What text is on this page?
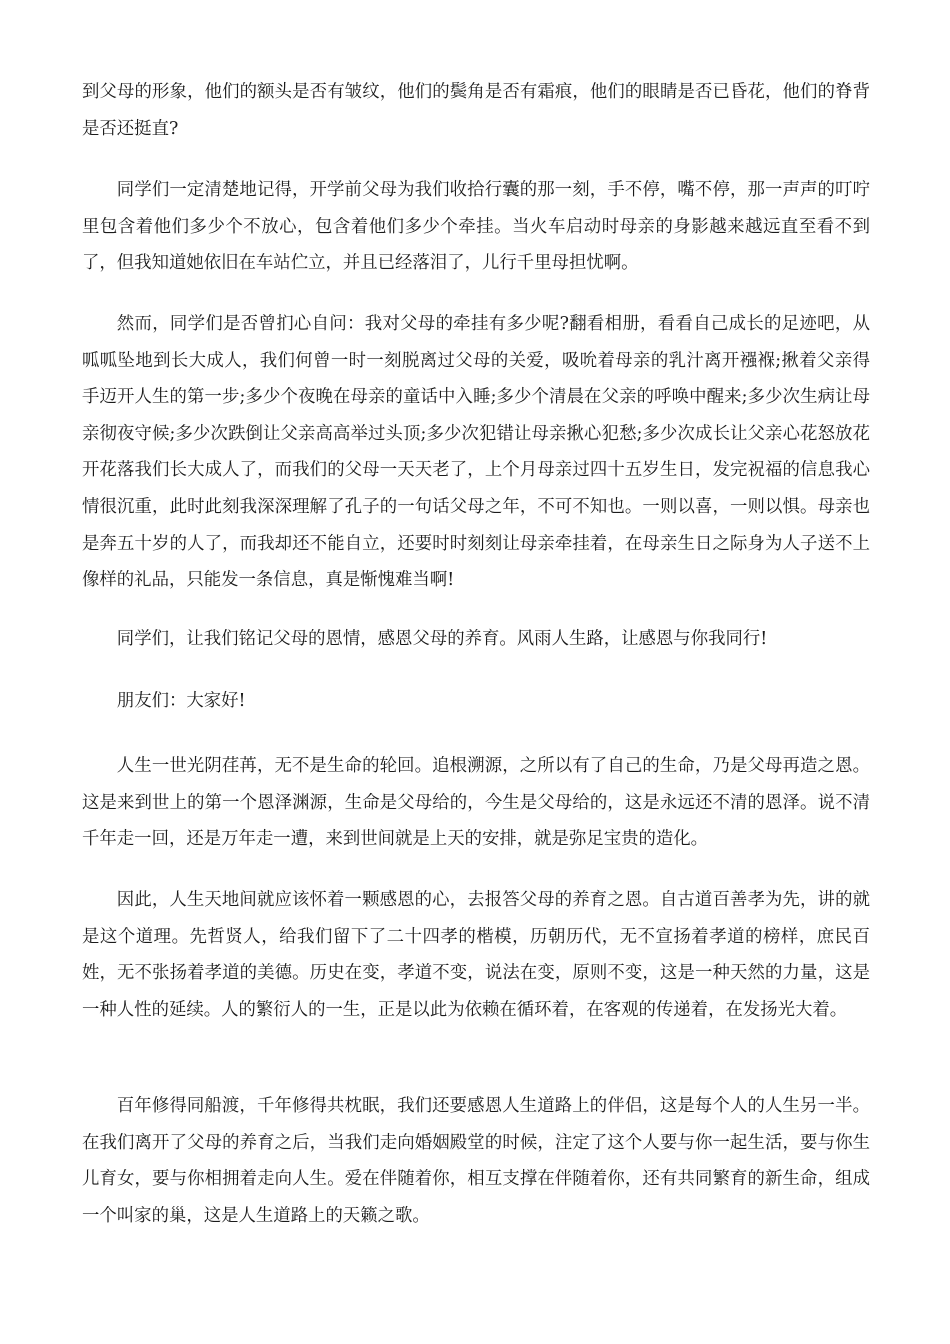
到父母的形象，他们的额头是否有皱纹，他们的鬓角是否有霜痕，他们的眼睛是否已昏花，他们的脊背是否还挺直?

同学们一定清楚地记得，开学前父母为我们收拾行囊的那一刻，手不停，嘴不停，那一声声的叮咛里包含着他们多少个不放心，包含着他们多少个牵挂。当火车启动时母亲的身影越来越远直至看不到了，但我知道她依旧在车站伫立，并且已经落泪了，儿行千里母担忧啊。

然而，同学们是否曾扪心自问：我对父母的牵挂有多少呢?翻看相册，看看自己成长的足迹吧，从呱呱坠地到长大成人，我们何曾一时一刻脱离过父母的关爱，吸吮着母亲的乳汁离开襁褓;揪着父亲得手迈开人生的第一步;多少个夜晚在母亲的童话中入睡;多少个清晨在父亲的呼唤中醒来;多少次生病让母亲彻夜守候;多少次跌倒让父亲高高举过头顶;多少次犯错让母亲揪心犯愁;多少次成长让父亲心花怒放花开花落我们长大成人了，而我们的父母一天天老了，上个月母亲过四十五岁生日，发完祝福的信息我心情很沉重，此时此刻我深深理解了孔子的一句话父母之年，不可不知也。一则以喜，一则以惧。母亲也是奔五十岁的人了，而我却还不能自立，还要时时刻刻让母亲牵挂着，在母亲生日之际身为人子送不上像样的礼品，只能发一条信息，真是惭愧难当啊!

同学们，让我们铭记父母的恩情，感恩父母的养育。风雨人生路，让感恩与你我同行!

朋友们：大家好!

人生一世光阴荏苒，无不是生命的轮回。追根溯源，之所以有了自己的生命，乃是父母再造之恩。这是来到世上的第一个恩泽渊源，生命是父母给的，今生是父母给的，这是永远还不清的恩泽。说不清千年走一回，还是万年走一遭，来到世间就是上天的安排，就是弥足宝贵的造化。

因此，人生天地间就应该怀着一颗感恩的心，去报答父母的养育之恩。自古道百善孝为先，讲的就是这个道理。先哲贤人，给我们留下了二十四孝的楷模，历朝历代，无不宣扬着孝道的榜样，庶民百姓，无不张扬着孝道的美德。历史在变，孝道不变，说法在变，原则不变，这是一种天然的力量，这是一种人性的延续。人的繁衍人的一生，正是以此为依赖在循环着，在客观的传递着，在发扬光大着。

百年修得同船渡，千年修得共枕眠，我们还要感恩人生道路上的伴侣，这是每个人的人生另一半。在我们离开了父母的养育之后，当我们走向婚姻殿堂的时候，注定了这个人要与你一起生活，要与你生儿育女，要与你相拥着走向人生。爱在伴随着你，相互支撑在伴随着你，还有共同繁育的新生命，组成一个叫家的巢，这是人生道路上的天籁之歌。
